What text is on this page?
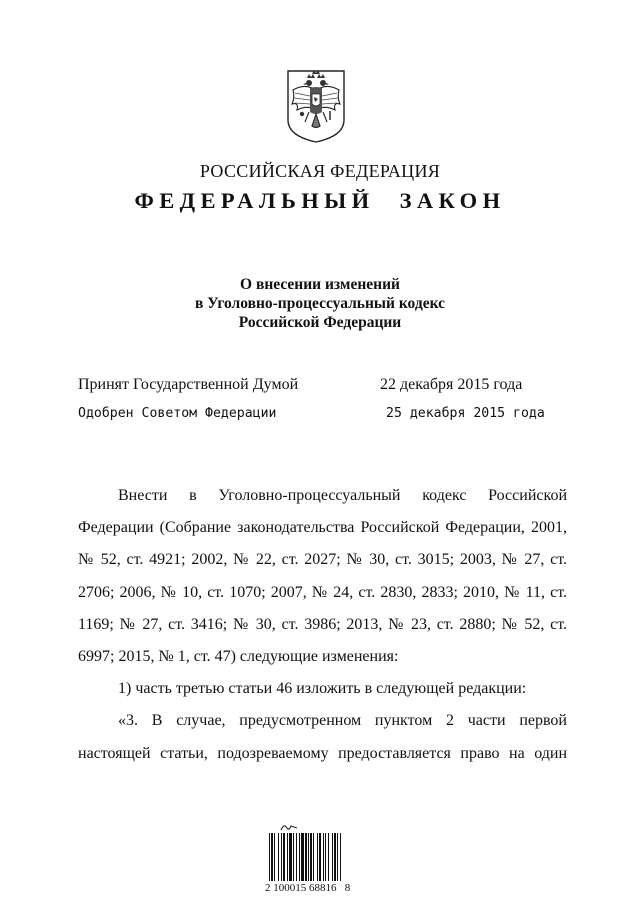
РОССИЙСКАЯ ФЕДЕРАЦИЯ
ФЕДЕРАЛЬНЫЙ ЗАКОН
О внесении изменений
в Уголовно-процессуальный кодекс
Российской Федерации
Принят Государственной Думой	22 декабря 2015 года
Одобрен Советом Федерации	25 декабря 2015 года

Внести в Уголовно-процессуальный кодекс Российской Федерации (Собрание законодательства Российской Федерации, 2001, № 52, ст. 4921; 2002, № 22, ст. 2027; № 30, ст. 3015; 2003, № 27, ст. 2706; 2006, № 10, ст. 1070; 2007, № 24, ст. 2830, 2833; 2010, № 11, ст. 1169; № 27, ст. 3416; № 30, ст. 3986; 2013, № 23, ст. 2880; № 52, ст. 6997; 2015, № 1, ст. 47) следующие изменения:

1) часть третью статьи 46 изложить в следующей редакции:

«3. В случае, предусмотренном пунктом 2 части первой настоящей статьи, подозреваемому предоставляется право на один

2 100015 68816   8
